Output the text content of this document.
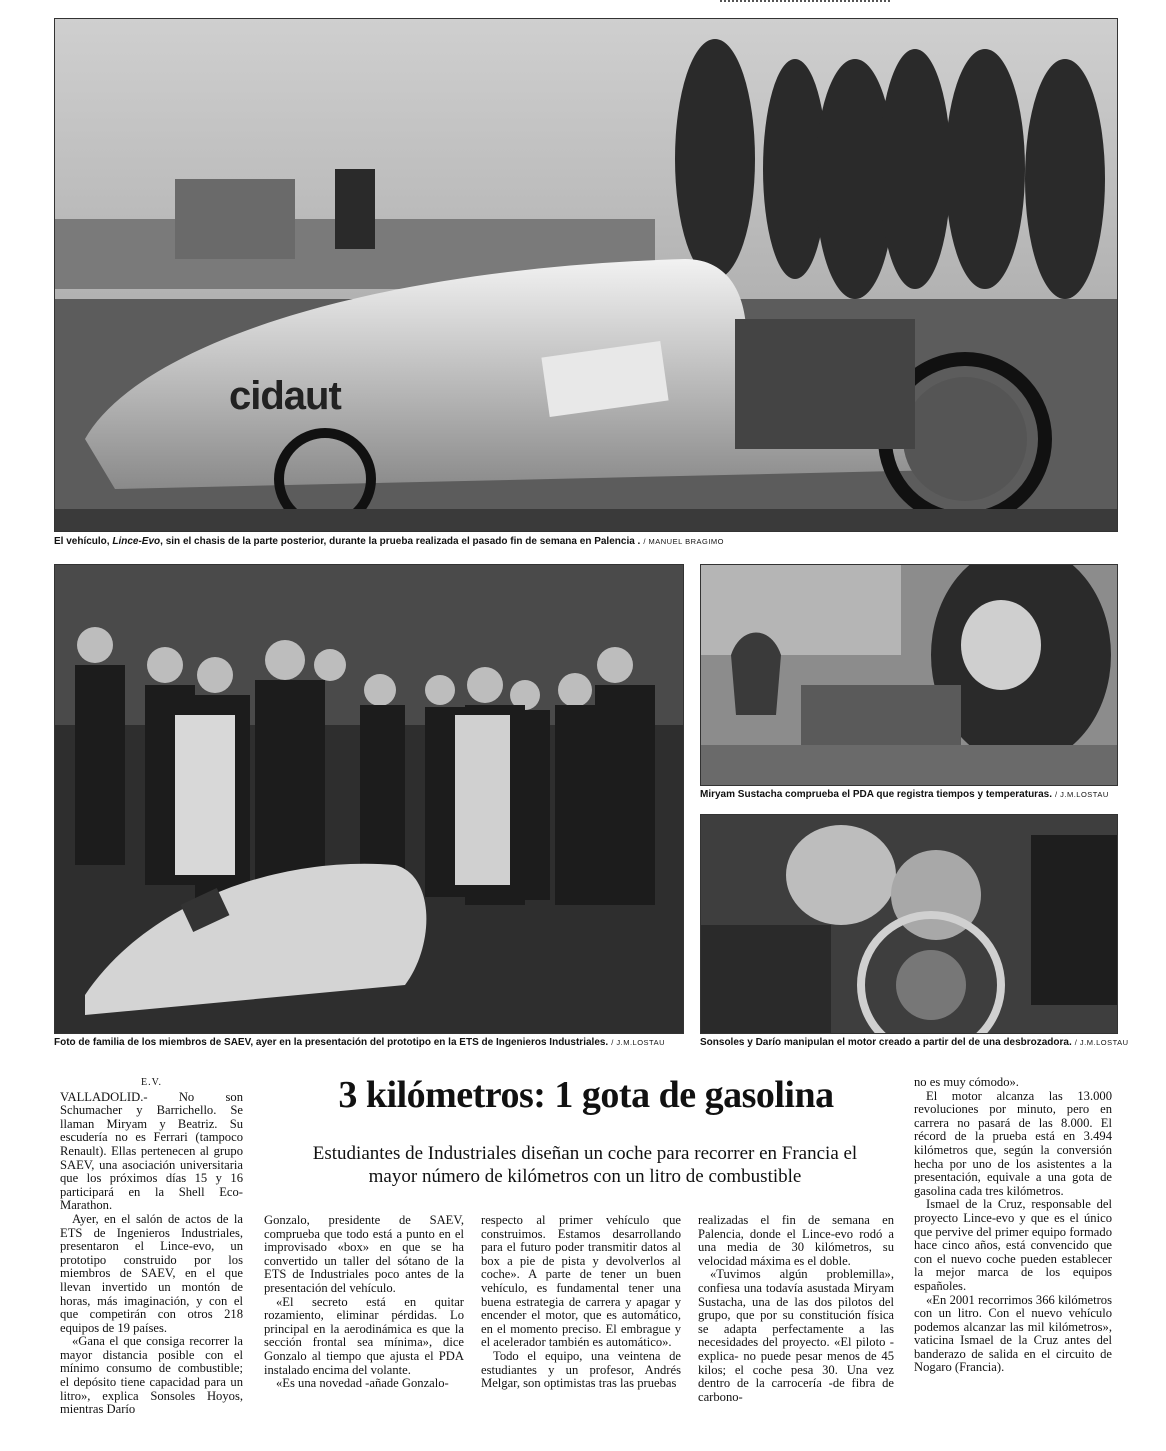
cidaut
El vehículo, Lince-Evo, sin el chasis de la parte posterior, durante la prueba realizada el pasado fin de semana en Palencia . / MANUEL BRAGIMO
Foto de familia de los miembros de SAEV, ayer en la presentación del prototipo en la ETS de Ingenieros Industriales. / J.M.LOSTAU
Miryam Sustacha comprueba el PDA que registra tiempos y temperaturas. / J.M.LOSTAU
Sonsoles y Darío manipulan el motor creado a partir del de una desbrozadora. / J.M.LOSTAU
3 kilómetros: 1 gota de gasolina
Estudiantes de Industriales diseñan un coche para recorrer en Francia el mayor número de kilómetros con un litro de combustible
E.V.

VALLADOLID.- No son Schumacher y Barrichello. Se llaman Miryam y Beatriz. Su escudería no es Ferrari (tampoco Renault). Ellas pertenecen al grupo SAEV, una asociación universitaria que los próximos días 15 y 16 participará en la Shell Eco-Marathon.

Ayer, en el salón de actos de la ETS de Ingenieros Industriales, presentaron el Lince-evo, un prototipo construido por los miembros de SAEV, en el que llevan invertido un montón de horas, más imaginación, y con el que competirán con otros 218 equipos de 19 países.

«Gana el que consiga recorrer la mayor distancia posible con el mínimo consumo de combustible; el depósito tiene capacidad para un litro», explica Sonsoles Hoyos, mientras Darío

Gonzalo, presidente de SAEV, comprueba que todo está a punto en el improvisado «box» en que se ha convertido un taller del sótano de la ETS de Industriales poco antes de la presentación del vehículo.

«El secreto está en quitar rozamiento, eliminar pérdidas. Lo principal en la aerodinámica es que la sección frontal sea mínima», dice Gonzalo al tiempo que ajusta el PDA instalado encima del volante.

«Es una novedad -añade Gonzalo-

respecto al primer vehículo que construimos. Estamos desarrollando para el futuro poder transmitir datos al box a pie de pista y devolverlos al coche». A parte de tener un buen vehículo, es fundamental tener una buena estrategia de carrera y apagar y encender el motor, que es automático, en el momento preciso. El embrague y el acelerador también es automático».

Todo el equipo, una veintena de estudiantes y un profesor, Andrés Melgar, son optimistas tras las pruebas

realizadas el fin de semana en Palencia, donde el Lince-evo rodó a una media de 30 kilómetros, su velocidad máxima es el doble.

«Tuvimos algún problemilla», confiesa una todavía asustada Miryam Sustacha, una de las dos pilotos del grupo, que por su constitución física se adapta perfectamente a las necesidades del proyecto. «El piloto -explica- no puede pesar menos de 45 kilos; el coche pesa 30. Una vez dentro de la carrocería -de fibra de carbono-

no es muy cómodo».

El motor alcanza las 13.000 revoluciones por minuto, pero en carrera no pasará de las 8.000. El récord de la prueba está en 3.494 kilómetros que, según la conversión hecha por uno de los asistentes a la presentación, equivale a una gota de gasolina cada tres kilómetros.

Ismael de la Cruz, responsable del proyecto Lince-evo y que es el único que pervive del primer equipo formado hace cinco años, está convencido que con el nuevo coche pueden establecer la mejor marca de los equipos españoles.

«En 2001 recorrimos 366 kilómetros con un litro. Con el nuevo vehículo podemos alcanzar las mil kilómetros», vaticina Ismael de la Cruz antes del banderazo de salida en el circuito de Nogaro (Francia).
